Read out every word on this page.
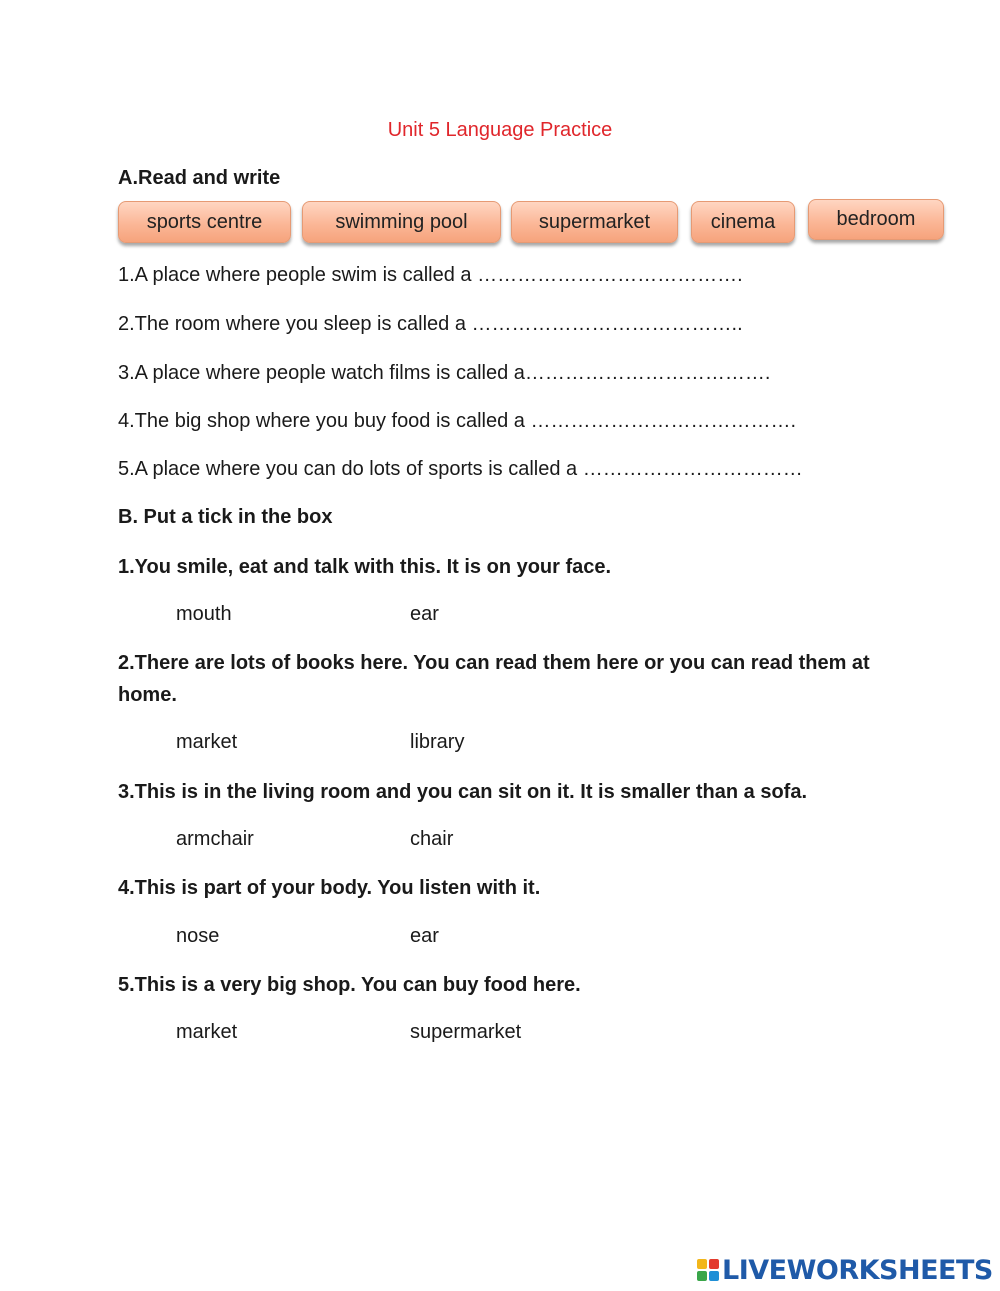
Unit 5 Language Practice
A.Read and write
sports centre	swimming pool	supermarket	cinema	bedroom
1.A place where people swim is called a ………………………………….
2.The room where you sleep is called a …………………………………..
3.A place where people watch films is called a……………………………….
4.The big shop where you buy food is called a ………………………………….
5.A place where you can do lots of sports is called a ……………………………
B. Put a tick in the box
1.You smile, eat and talk with this. It is on your face.
mouth	ear
2.There are lots of books here. You can read them here or you can read them at home.
market	library
3.This is in the living room and you can sit on it. It is smaller than a sofa.
armchair	chair
4.This is part of your body. You listen with it.
nose	ear
5.This is a very big shop. You can buy food here.
market	supermarket
LIVEWORKSHEETS
